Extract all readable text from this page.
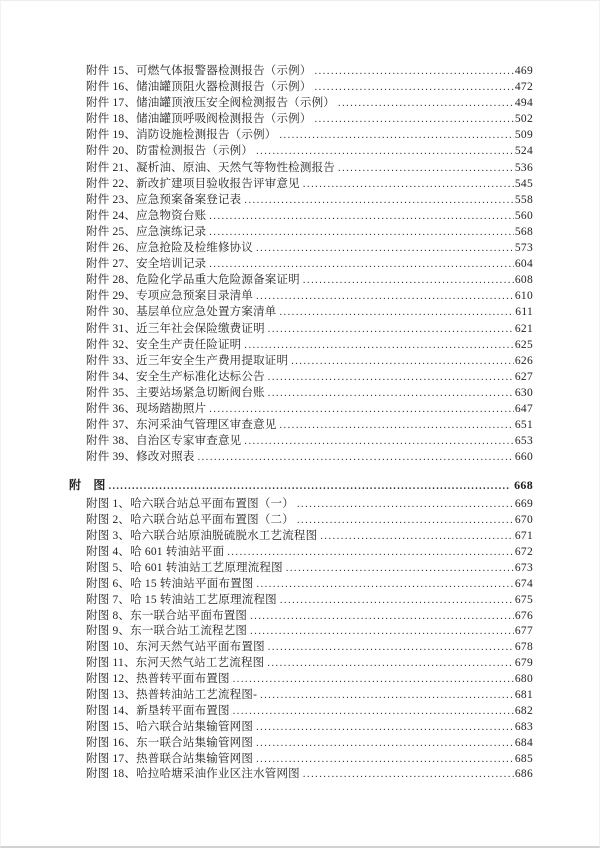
附件 15、可燃气体报警器检测报告（示例） .....	469
附件 16、储油罐顶阻火器检测报告（示例） .....	472
附件 17、储油罐顶液压安全阀检测报告（示例） .....	494
附件 18、储油罐顶呼吸阀检测报告（示例） .....	502
附件 19、消防设施检测报告（示例） .....	509
附件 20、防雷检测报告（示例） .....	524
附件 21、凝析油、原油、天然气等物性检测报告 .....	536
附件 22、新改扩建项目验收报告评审意见 .....	545
附件 23、应急预案备案登记表 .....	558
附件 24、应急物资台账 .....	560
附件 25、应急演练记录 .....	568
附件 26、应急抢险及检维修协议 .....	573
附件 27、安全培训记录 .....	604
附件 28、危险化学品重大危险源备案证明 .....	608
附件 29、专项应急预案目录清单 .....	610
附件 30、基层单位应急处置方案清单 .....	611
附件 31、近三年社会保险缴费证明 .....	621
附件 32、安全生产责任险证明 .....	625
附件 33、近三年安全生产费用提取证明 .....	626
附件 34、安全生产标准化达标公告 .....	627
附件 35、主要站场紧急切断阀台账 .....	630
附件 36、现场踏勘照片 .....	647
附件 37、东河采油气管理区审查意见 .....	651
附件 38、自治区专家审查意见 .....	653
附件 39、修改对照表 .....	660
附　图 .....	668
附图 1、哈六联合站总平面布置图（一） .....	669
附图 2、哈六联合站总平面布置图（二） .....	670
附图 3、哈六联合站原油脱硫脱水工艺流程图 .....	671
附图 4、哈 601 转油站平面 .....	672
附图 5、哈 601 转油站工艺原理流程图 .....	673
附图 6、哈 15 转油站平面布置图 .....	674
附图 7、哈 15 转油站工艺原理流程图 .....	675
附图 8、东一联合站平面布置图 .....	676
附图 9、东一联合站工流程艺图 .....	677
附图 10、东河天然气站平面布置图 .....	678
附图 11、东河天然气站工艺流程图 .....	679
附图 12、热普转平面布置图 .....	680
附图 13、热普转油站工艺流程图- .....	681
附图 14、新垦转平面布置图 .....	682
附图 15、哈六联合站集输管网图 .....	683
附图 16、东一联合站集输管网图 .....	684
附图 17、热普联合站集输管网图 .....	685
附图 18、哈拉哈塘采油作业区注水管网图 .....	686
